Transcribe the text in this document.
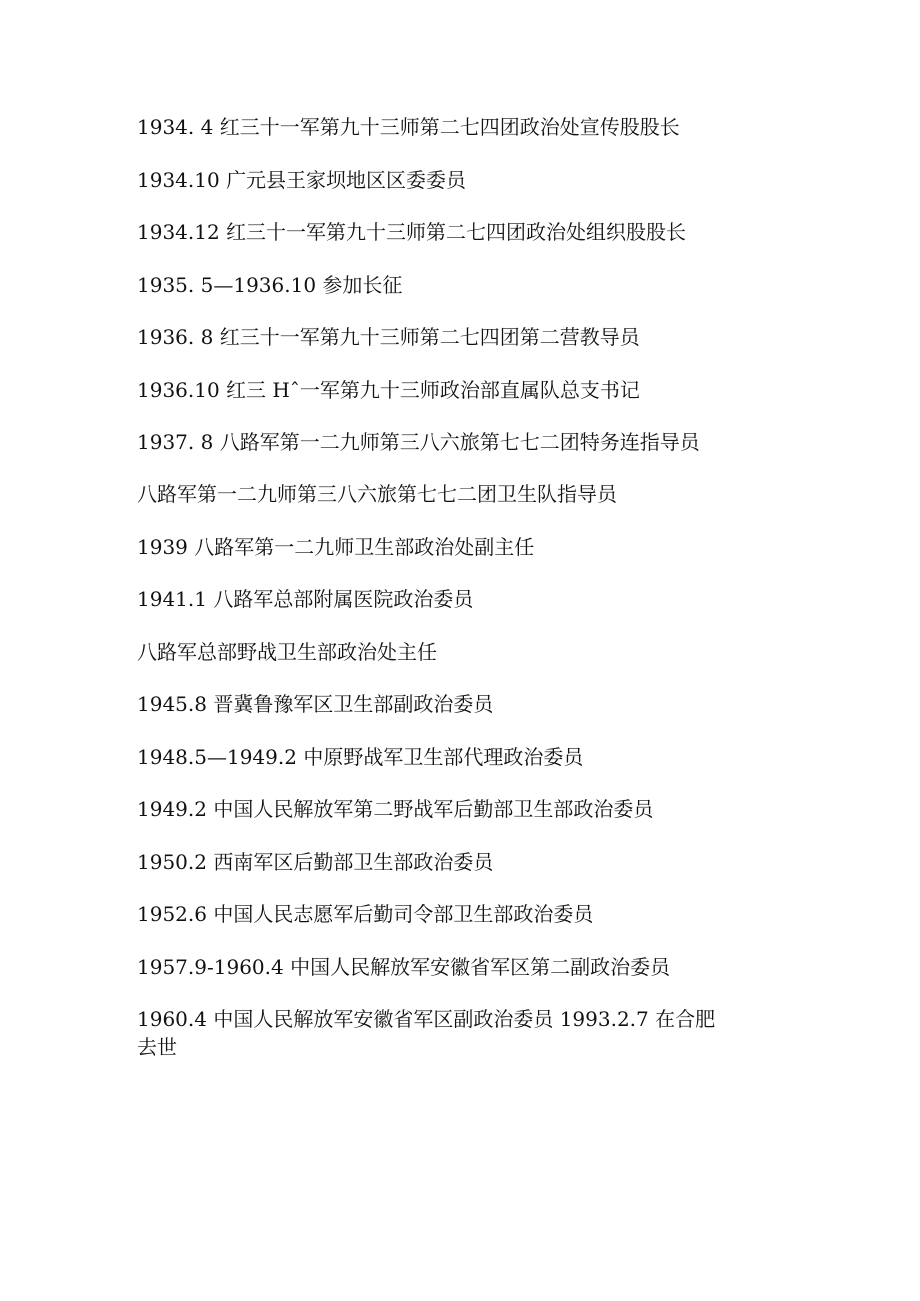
1934. 4 红三十一军第九十三师第二七四团政治处宣传股股长
1934.10 广元县王家坝地区区委委员
1934.12 红三十一军第九十三师第二七四团政治处组织股股长
1935. 5—1936.10 参加长征
1936. 8 红三十一军第九十三师第二七四团第二营教导员
1936.10 红三 Hˆ一军第九十三师政治部直属队总支书记
1937. 8 八路军第一二九师第三八六旅第七七二团特务连指导员
八路军第一二九师第三八六旅第七七二团卫生队指导员
1939 八路军第一二九师卫生部政治处副主任
1941.1 八路军总部附属医院政治委员
八路军总部野战卫生部政治处主任
1945.8 晋冀鲁豫军区卫生部副政治委员
1948.5—1949.2 中原野战军卫生部代理政治委员
1949.2 中国人民解放军第二野战军后勤部卫生部政治委员
1950.2 西南军区后勤部卫生部政治委员
1952.6 中国人民志愿军后勤司令部卫生部政治委员
1957.9-1960.4 中国人民解放军安徽省军区第二副政治委员
1960.4 中国人民解放军安徽省军区副政治委员 1993.2.7 在合肥去世
